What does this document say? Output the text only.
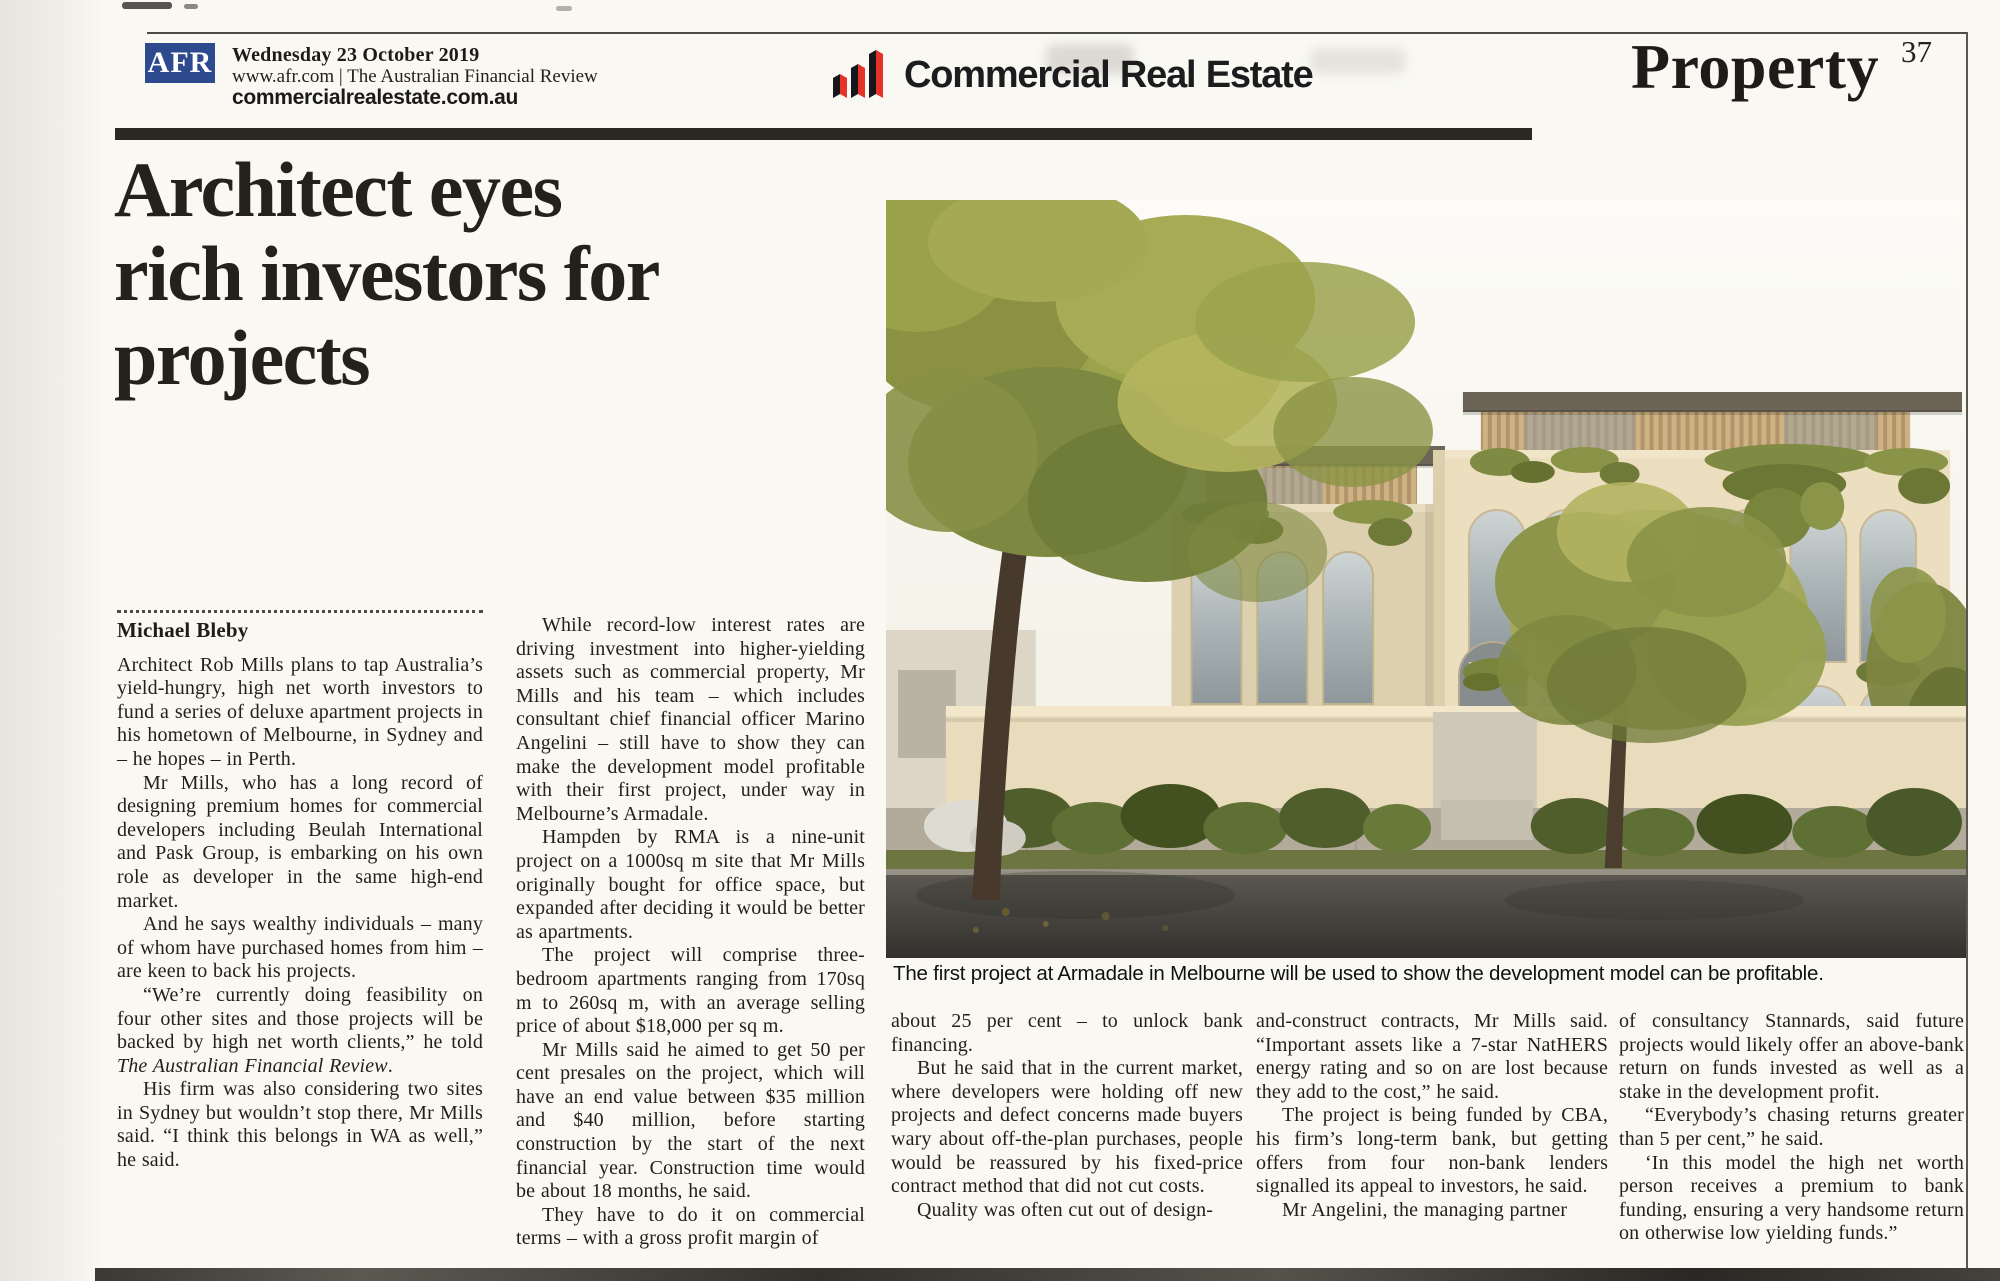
AFR Wednesday 23 October 2019
www.afr.com | The Australian Financial Review
commercialrealestate.com.au
Commercial Real Estate	Property 37
Architect eyes rich investors for projects
Michael Bleby

Architect Rob Mills plans to tap Australia’s yield-hungry, high net worth investors to fund a series of deluxe apartment projects in his hometown of Melbourne, in Sydney and – he hopes – in Perth.

Mr Mills, who has a long record of designing premium homes for commercial developers including Beulah International and Pask Group, is embarking on his own role as developer in the same high-end market.

And he says wealthy individuals – many of whom have purchased homes from him – are keen to back his projects.

“We’re currently doing feasibility on four other sites and those projects will be backed by high net worth clients,” he told The Australian Financial Review.

His firm was also considering two sites in Sydney but wouldn’t stop there, Mr Mills said. “I think this belongs in WA as well,” he said.

While record-low interest rates are driving investment into higher-yielding assets such as commercial property, Mr Mills and his team – which includes consultant chief financial officer Marino Angelini – still have to show they can make the development model profitable with their first project, under way in Melbourne’s Armadale.

Hampden by RMA is a nine-unit project on a 1000sq m site that Mr Mills originally bought for office space, but expanded after deciding it would be better as apartments.

The project will comprise three-bedroom apartments ranging from 170sq m to 260sq m, with an average selling price of about $18,000 per sq m.

Mr Mills said he aimed to get 50 per cent presales on the project, which will have an end value between $35 million and $40 million, before starting construction by the start of the next financial year. Construction time would be about 18 months, he said.

They have to do it on commercial terms – with a gross profit margin of

The first project at Armadale in Melbourne will be used to show the development model can be profitable.

about 25 per cent – to unlock bank financing.

But he said that in the current market, where developers were holding off new projects and defect concerns made buyers wary about off-the-plan purchases, people would be reassured by his fixed-price contract method that did not cut costs.

Quality was often cut out of design-

and-construct contracts, Mr Mills said. “Important assets like a 7-star NatHERS energy rating and so on are lost because they add to the cost,” he said.

The project is being funded by CBA, his firm’s long-term bank, but getting offers from four non-bank lenders signalled its appeal to investors, he said.

Mr Angelini, the managing partner

of consultancy Stannards, said future projects would likely offer an above-bank return on funds invested as well as a stake in the development profit.

“Everybody’s chasing returns greater than 5 per cent,” he said.

‘In this model the high net worth person receives a premium to bank funding, ensuring a very handsome return on otherwise low yielding funds.”
